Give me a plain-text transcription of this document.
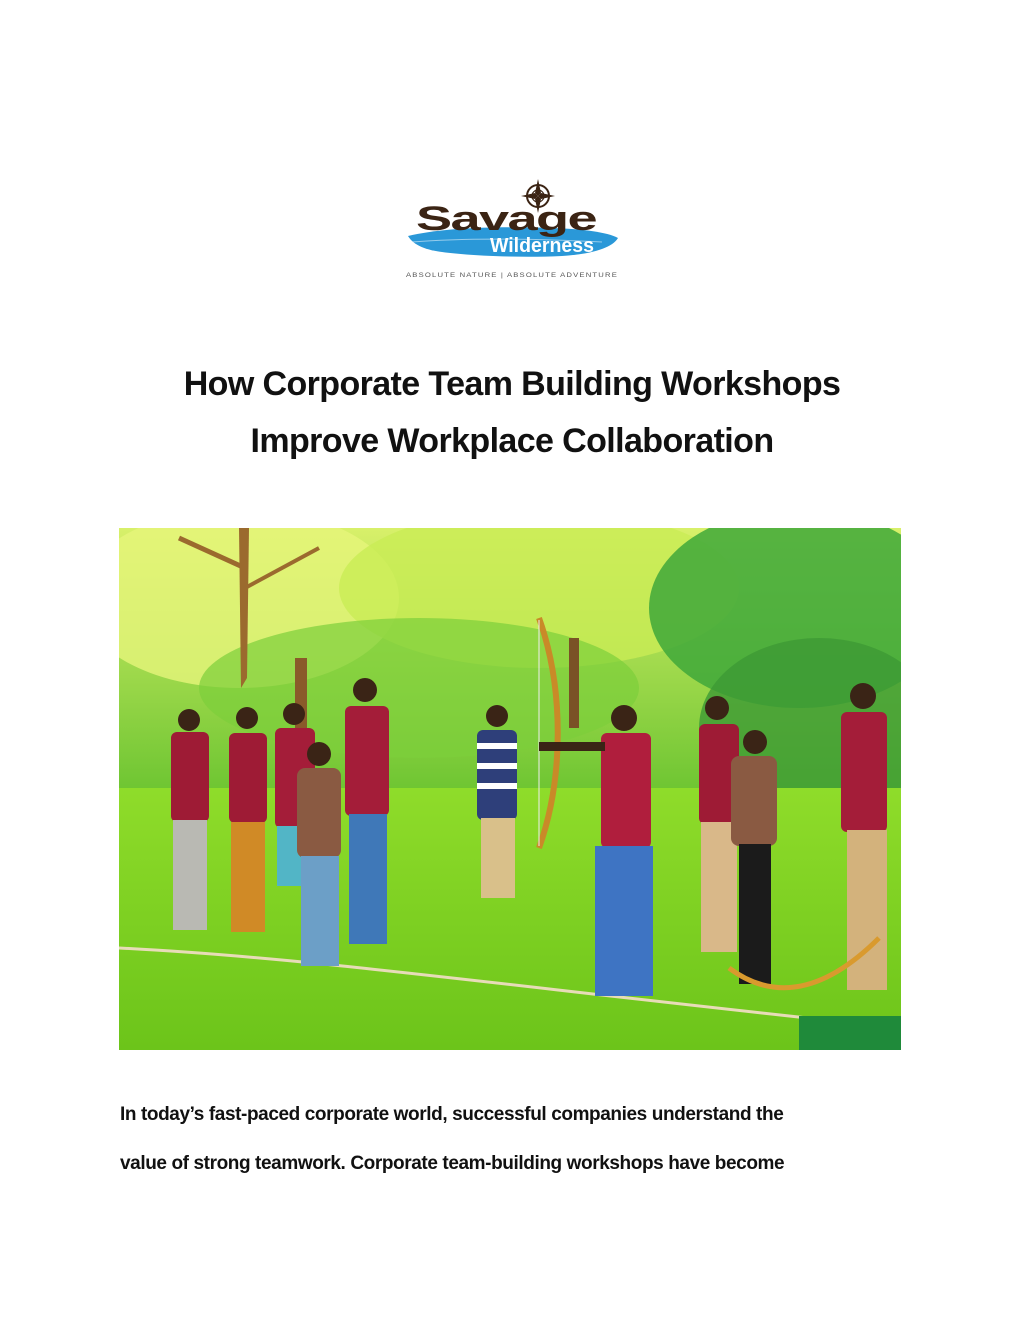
Savage
Wilderness
ABSOLUTE NATURE | ABSOLUTE ADVENTURE
How Corporate Team Building Workshops
Improve Workplace Collaboration

In today’s fast-paced corporate world, successful companies understand the
value of strong teamwork. Corporate team-building workshops have become
